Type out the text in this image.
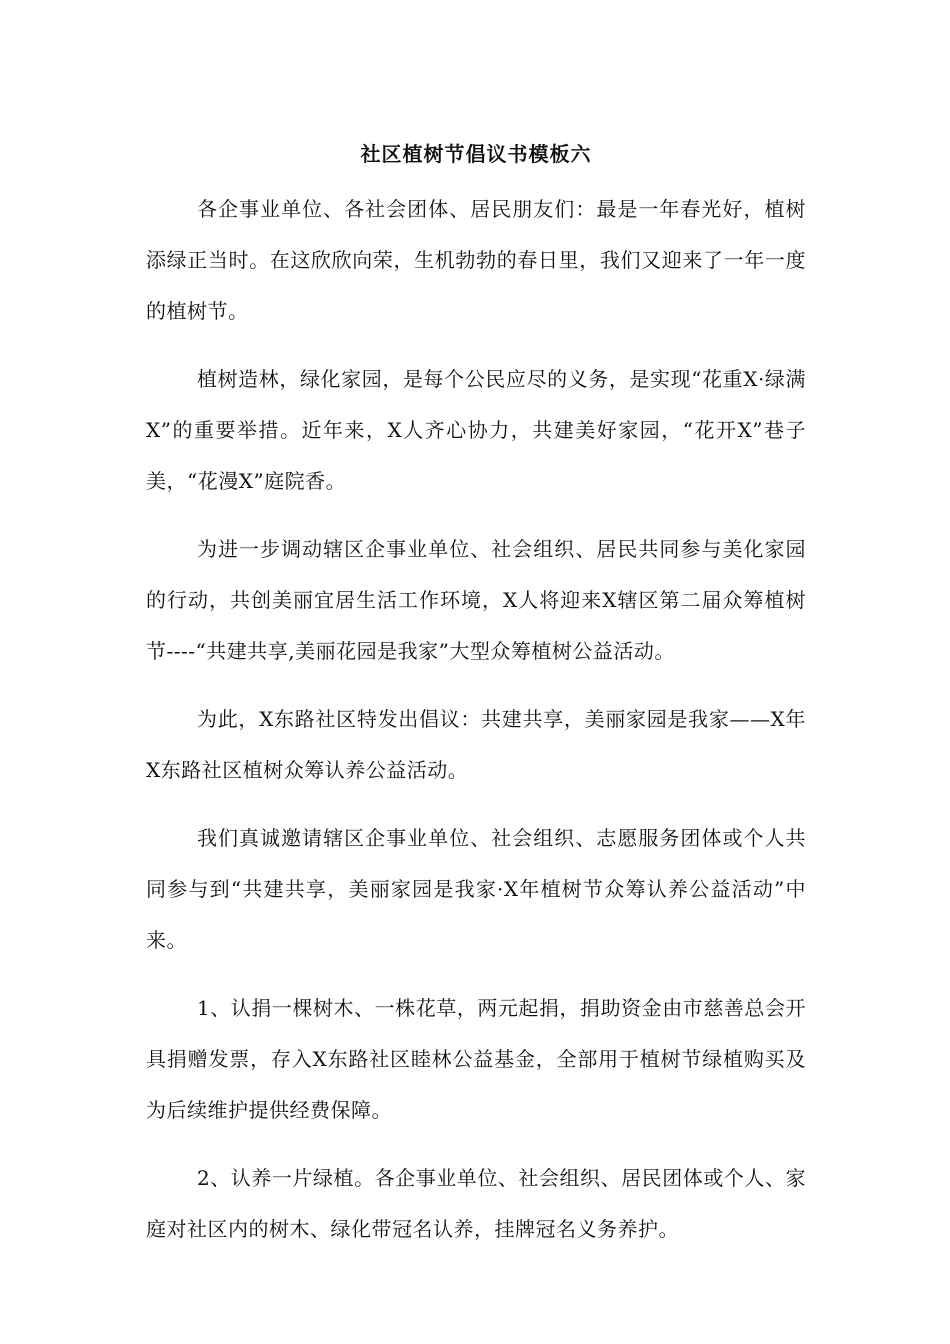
社区植树节倡议书模板六

各企事业单位、各社会团体、居民朋友们：最是一年春光好，植树添绿正当时。在这欣欣向荣，生机勃勃的春日里，我们又迎来了一年一度的植树节。

植树造林，绿化家园，是每个公民应尽的义务，是实现“花重X·绿满X”的重要举措。近年来，X人齐心协力，共建美好家园，“花开X”巷子美，“花漫X”庭院香。

为进一步调动辖区企事业单位、社会组织、居民共同参与美化家园的行动，共创美丽宜居生活工作环境，X人将迎来X辖区第二届众筹植树节----“共建共享,美丽花园是我家”大型众筹植树公益活动。

为此，X东路社区特发出倡议：共建共享，美丽家园是我家——X年X东路社区植树众筹认养公益活动。

我们真诚邀请辖区企事业单位、社会组织、志愿服务团体或个人共同参与到“共建共享，美丽家园是我家·X年植树节众筹认养公益活动”中来。

1、认捐一棵树木、一株花草，两元起捐，捐助资金由市慈善总会开具捐赠发票，存入X东路社区睦林公益基金，全部用于植树节绿植购买及为后续维护提供经费保障。

2、认养一片绿植。各企事业单位、社会组织、居民团体或个人、家庭对社区内的树木、绿化带冠名认养，挂牌冠名义务养护。
